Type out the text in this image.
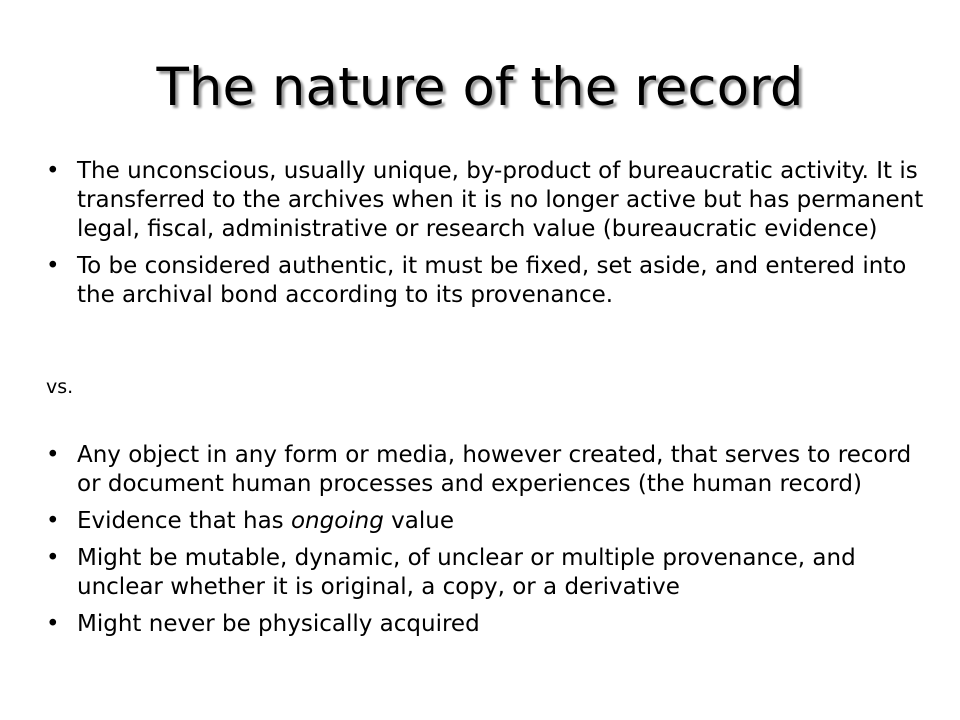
The nature of the record
• The unconscious, usually unique, by-product of bureaucratic activity. It is transferred to the archives when it is no longer active but has permanent legal, fiscal, administrative or research value (bureaucratic evidence)
• To be considered authentic, it must be fixed, set aside, and entered into the archival bond according to its provenance.

vs.

• Any object in any form or media, however created, that serves to record or document human processes and experiences (the human record)
• Evidence that has ongoing value
• Might be mutable, dynamic, of unclear or multiple provenance, and unclear whether it is original, a copy, or a derivative
• Might never be physically acquired
